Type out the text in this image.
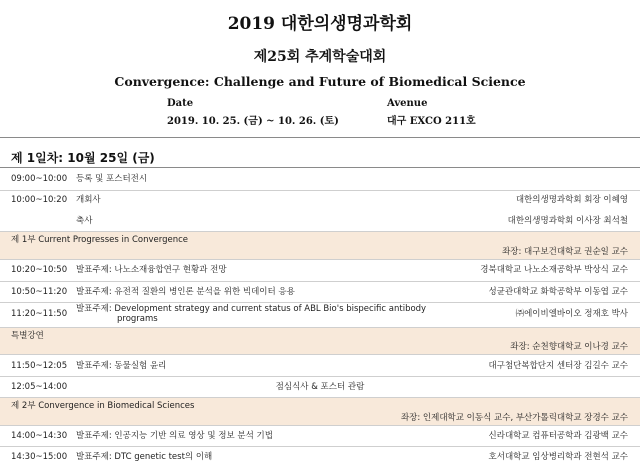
2019 대한의생명과학회
제25회 추계학술대회
Convergence: Challenge and Future of Biomedical Science
Date
2019. 10. 25. (금) ~ 10. 26. (토)
Avenue
대구 EXCO 211호
제 1일차: 10월 25일 (금)
09:00~10:00 등록 및 포스터전시
10:00~10:20 개회사	대한의생명과학회 회장 이혜영
축사	대한의생명과학회 이사장 최석철
제 1부 Current Progresses in Convergence
좌장: 대구보건대학교 권순일 교수
10:20~10:50 발표주제: 나노소재융합연구 현황과 전망	경북대학교 나노소재공학부 박상식 교수
10:50~11:20 발표주제: 유전적 질환의 병인론 분석을 위한 빅데이터 응용	성균관대학교 화학공학부 이동엽 교수
11:20~11:50 발표주제: Development strategy and current status of ABL Bio's bispecific antibody
programs	㈜에이비엘바이오 정재호 박사
특별강연
좌장: 순천향대학교 이나경 교수
11:50~12:05 발표주제: 동물실험 윤리	대구첨단복합단지 센터장 김길수 교수
12:05~14:00	점심식사 & 포스터 관람
제 2부 Convergence in Biomedical Sciences
좌장: 인제대학교 이동식 교수, 부산가톨릭대학교 장경수 교수
14:00~14:30 발표주제: 인공지능 기반 의료 영상 및 정보 분석 기법	신라대학교 컴퓨터공학과 김광백 교수
14:30~15:00 발표주제: DTC genetic test의 이해	호서대학교 임상병리학과 전현석 교수
